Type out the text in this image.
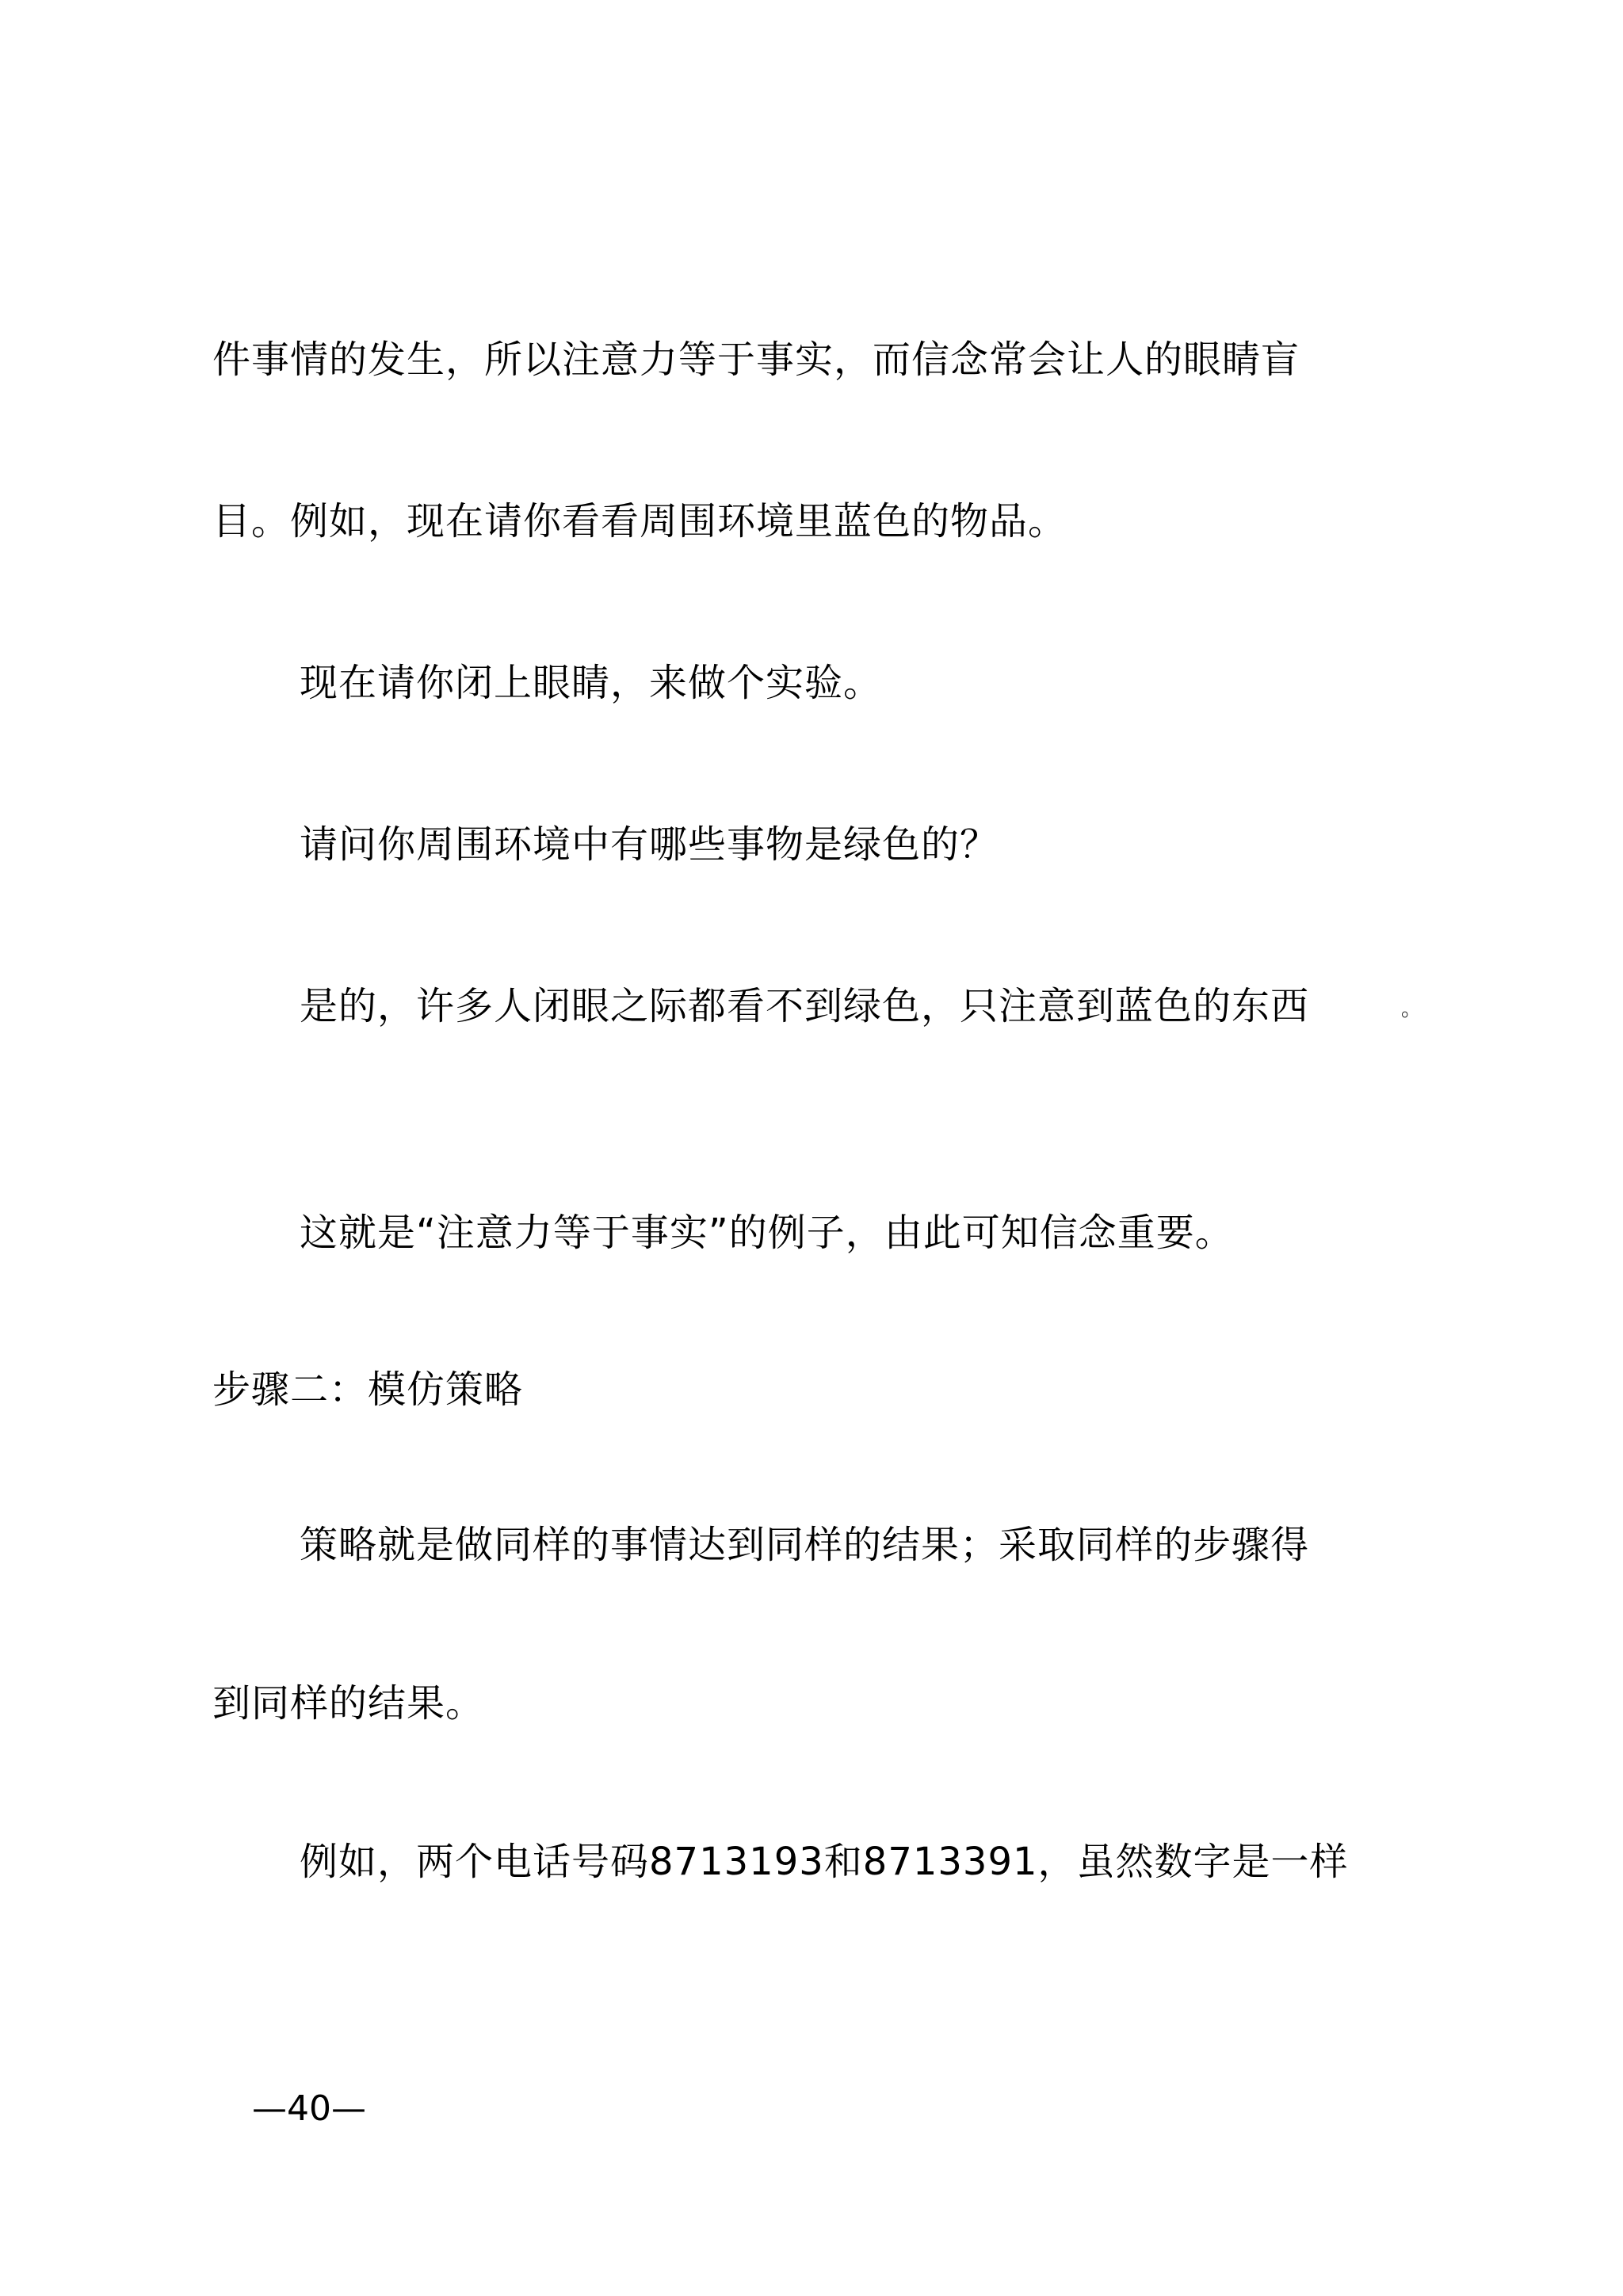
件事情的发生，所以注意力等于事实，而信念常会让人的眼睛盲
目。例如，现在请你看看周围环境里蓝色的物品。
现在请你闭上眼睛，来做个实验。
请问你周围环境中有哪些事物是绿色的？
是的，许多人闭眼之际都看不到绿色，只注意到蓝色的东西	。
这就是“注意力等于事实”的例子，由此可知信念重要。
步骤二：模仿策略
策略就是做同样的事情达到同样的结果；采取同样的步骤得
到同样的结果。
例如，两个电话号码8713193和8713391，虽然数字是一样
—40—
